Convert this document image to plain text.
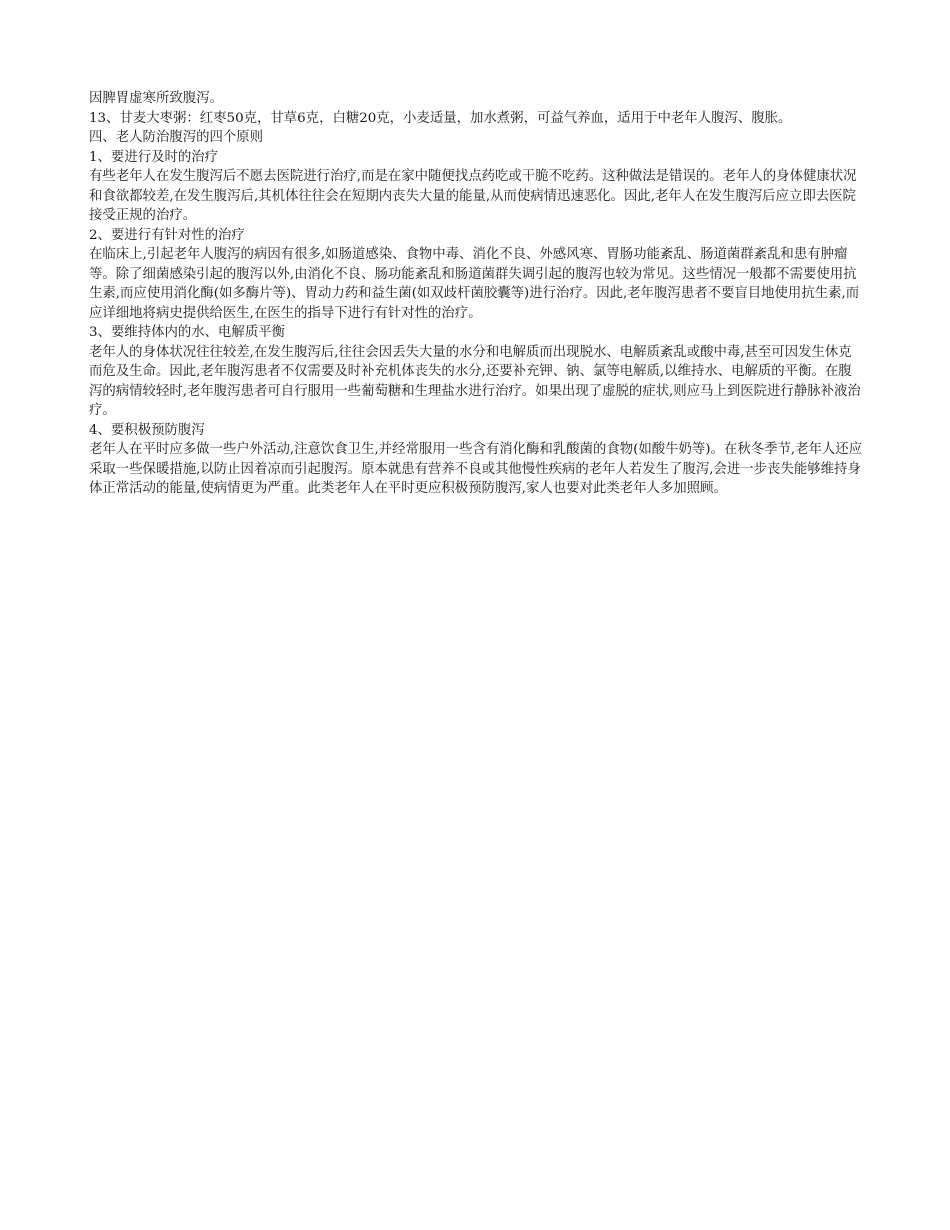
因脾胃虚寒所致腹泻。

13、甘麦大枣粥：红枣50克，甘草6克，白糖20克，小麦适量，加水煮粥，可益气养血，适用于中老年人腹泻、腹胀。

四、老人防治腹泻的四个原则

1、要进行及时的治疗

有些老年人在发生腹泻后不愿去医院进行治疗,而是在家中随便找点药吃或干脆不吃药。这种做法是错误的。老年人的身体健康状况和食欲都较差,在发生腹泻后,其机体往往会在短期内丧失大量的能量,从而使病情迅速恶化。因此,老年人在发生腹泻后应立即去医院接受正规的治疗。

2、要进行有针对性的治疗

在临床上,引起老年人腹泻的病因有很多,如肠道感染、食物中毒、消化不良、外感风寒、胃肠功能紊乱、肠道菌群紊乱和患有肿瘤等。除了细菌感染引起的腹泻以外,由消化不良、肠功能紊乱和肠道菌群失调引起的腹泻也较为常见。这些情况一般都不需要使用抗生素,而应使用消化酶(如多酶片等)、胃动力药和益生菌(如双歧杆菌胶囊等)进行治疗。因此,老年腹泻患者不要盲目地使用抗生素,而应详细地将病史提供给医生,在医生的指导下进行有针对性的治疗。

3、要维持体内的水、电解质平衡

老年人的身体状况往往较差,在发生腹泻后,往往会因丢失大量的水分和电解质而出现脱水、电解质紊乱或酸中毒,甚至可因发生休克而危及生命。因此,老年腹泻患者不仅需要及时补充机体丧失的水分,还要补充钾、钠、氯等电解质,以维持水、电解质的平衡。在腹泻的病情较轻时,老年腹泻患者可自行服用一些葡萄糖和生理盐水进行治疗。如果出现了虚脱的症状,则应马上到医院进行静脉补液治疗。

4、要积极预防腹泻

老年人在平时应多做一些户外活动,注意饮食卫生,并经常服用一些含有消化酶和乳酸菌的食物(如酸牛奶等)。在秋冬季节,老年人还应采取一些保暖措施,以防止因着凉而引起腹泻。原本就患有营养不良或其他慢性疾病的老年人若发生了腹泻,会进一步丧失能够维持身体正常活动的能量,使病情更为严重。此类老年人在平时更应积极预防腹泻,家人也要对此类老年人多加照顾。
